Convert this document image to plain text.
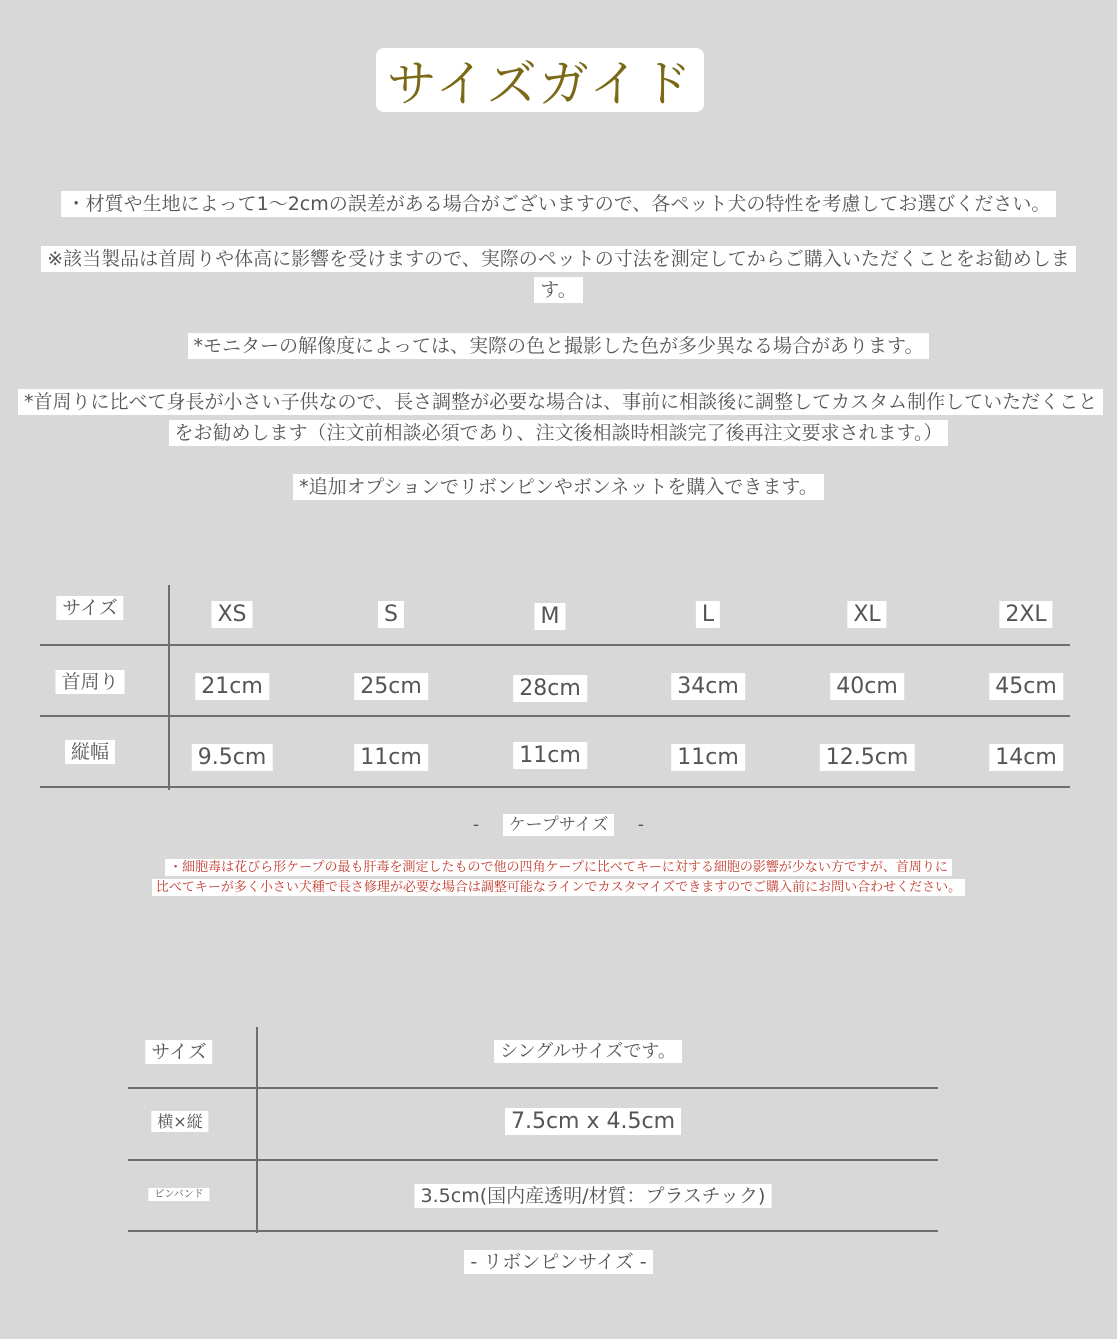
サイズガイド
・材質や生地によって1〜2cmの誤差がある場合がございますので、各ペット犬の特性を考慮してお選びください。
※該当製品は首周りや体高に影響を受けますので、実際のペットの寸法を測定してからご購入いただくことをお勧めします。
*モニターの解像度によっては、実際の色と撮影した色が多少異なる場合があります。
*首周りに比べて身長が小さい子供なので、長さ調整が必要な場合は、事前に相談後に調整してカスタム制作していただくことをお勧めします（注文前相談必須であり、注文後相談時相談完了後再注文要求されます。）
*追加オプションでリボンピンやボンネットを購入できます。
サイズ	XS	S	M	L	XL	2XL
首周り	21cm	25cm	28cm	34cm	40cm	45cm
縦幅	9.5cm	11cm	11cm	11cm	12.5cm	14cm
- ケープサイズ -
・細胞毒は花びら形ケープの最も肝毒を測定したもので他の四角ケープに比べてキーに対する細胞の影響が少ない方ですが、首周りに
比べてキーが多く小さい犬種で長さ修理が必要な場合は調整可能なラインでカスタマイズできますのでご購入前にお問い合わせください。
サイズ	シングルサイズです。
横×縦	7.5cm x 4.5cm
ピンバンド	3.5cm(国内産透明/材質：プラスチック)
- リボンピンサイズ -
